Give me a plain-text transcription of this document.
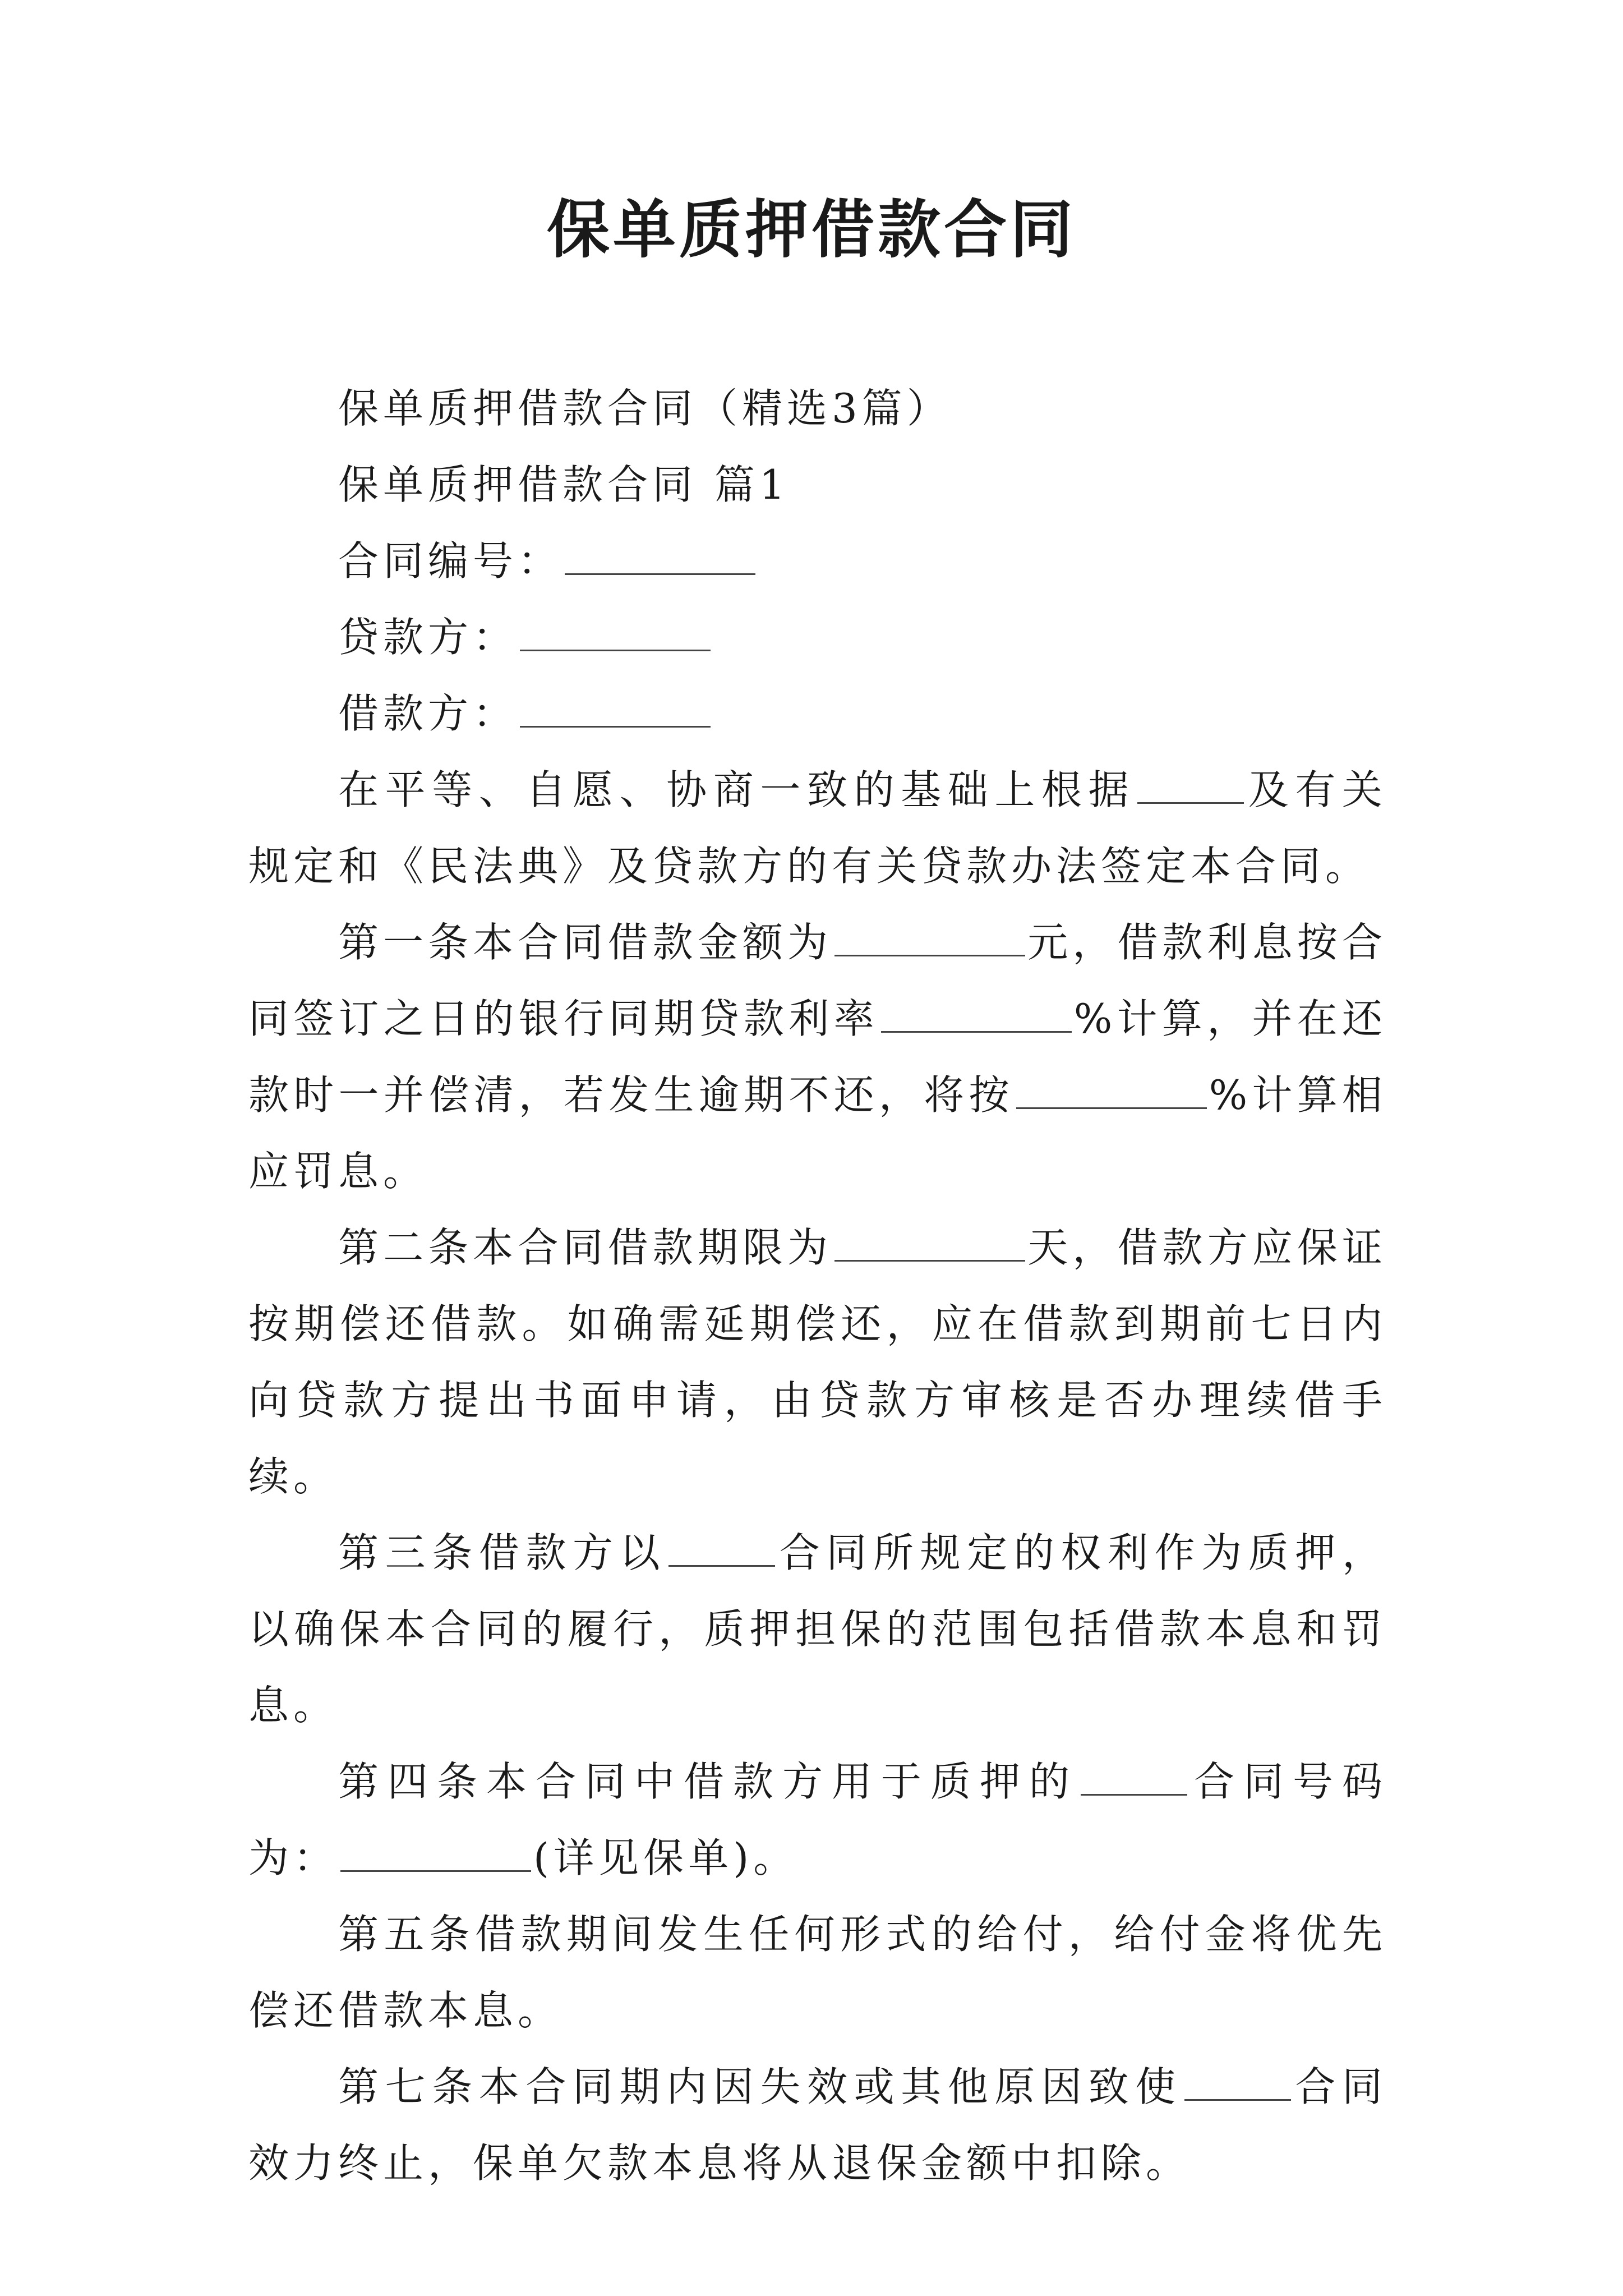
保单质押借款合同

保单质押借款合同（精选3篇）

保单质押借款合同 篇1

合同编号：

贷款方：

借款方：

在平等、自愿、协商一致的基础上根据	及有关规定和《民法典》及贷款方的有关贷款办法签定本合同。

第一条本合同借款金额为	元，借款利息按合同签订之日的银行同期贷款利率	%计算，并在还款时一并偿清，若发生逾期不还，将按	%计算相应罚息。

第二条本合同借款期限为	天，借款方应保证按期偿还借款。如确需延期偿还，应在借款到期前七日内向贷款方提出书面申请，由贷款方审核是否办理续借手续。

第三条借款方以	合同所规定的权利作为质押，以确保本合同的履行，质押担保的范围包括借款本息和罚息。

第四条本合同中借款方用于质押的	合同号码为：	(详见保单)。

第五条借款期间发生任何形式的给付，给付金将优先偿还借款本息。

第七条本合同期内因失效或其他原因致使	合同效力终止，保单欠款本息将从退保金额中扣除。
